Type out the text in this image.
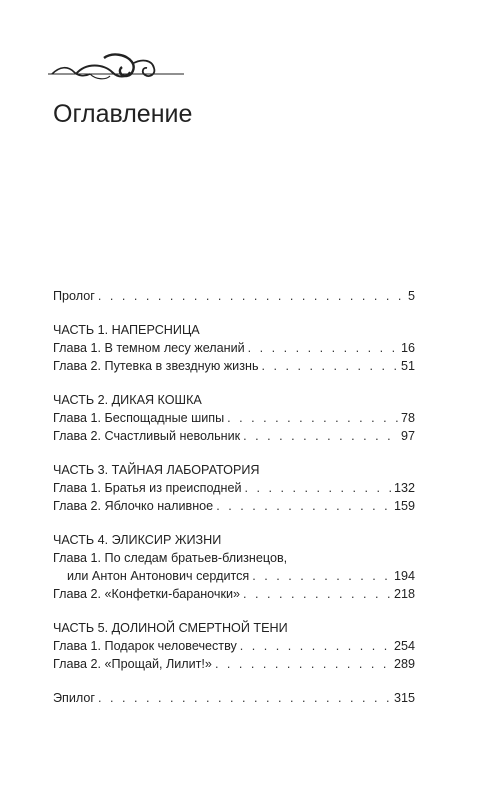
Оглавление
Пролог . . .	5
ЧАСТЬ 1. НАПЕРСНИЦА
Глава 1. В темном лесу желаний . . .	16
Глава 2. Путевка в звездную жизнь . . .	51
ЧАСТЬ 2. ДИКАЯ КОШКА
Глава 1. Беспощадные шипы . . .	78
Глава 2. Счастливый невольник . . .	97
ЧАСТЬ 3. ТАЙНАЯ ЛАБОРАТОРИЯ
Глава 1. Братья из преисподней . . .	132
Глава 2. Яблочко наливное . . .	159
ЧАСТЬ 4. ЭЛИКСИР ЖИЗНИ
Глава 1. По следам братьев-близнецов,
или Антон Антонович сердится . . .	194
Глава 2. «Конфетки-бараночки» . . .	218
ЧАСТЬ 5. ДОЛИНОЙ СМЕРТНОЙ ТЕНИ
Глава 1. Подарок человечеству . . .	254
Глава 2. «Прощай, Лилит!» . . .	289
Эпилог . . .	315
